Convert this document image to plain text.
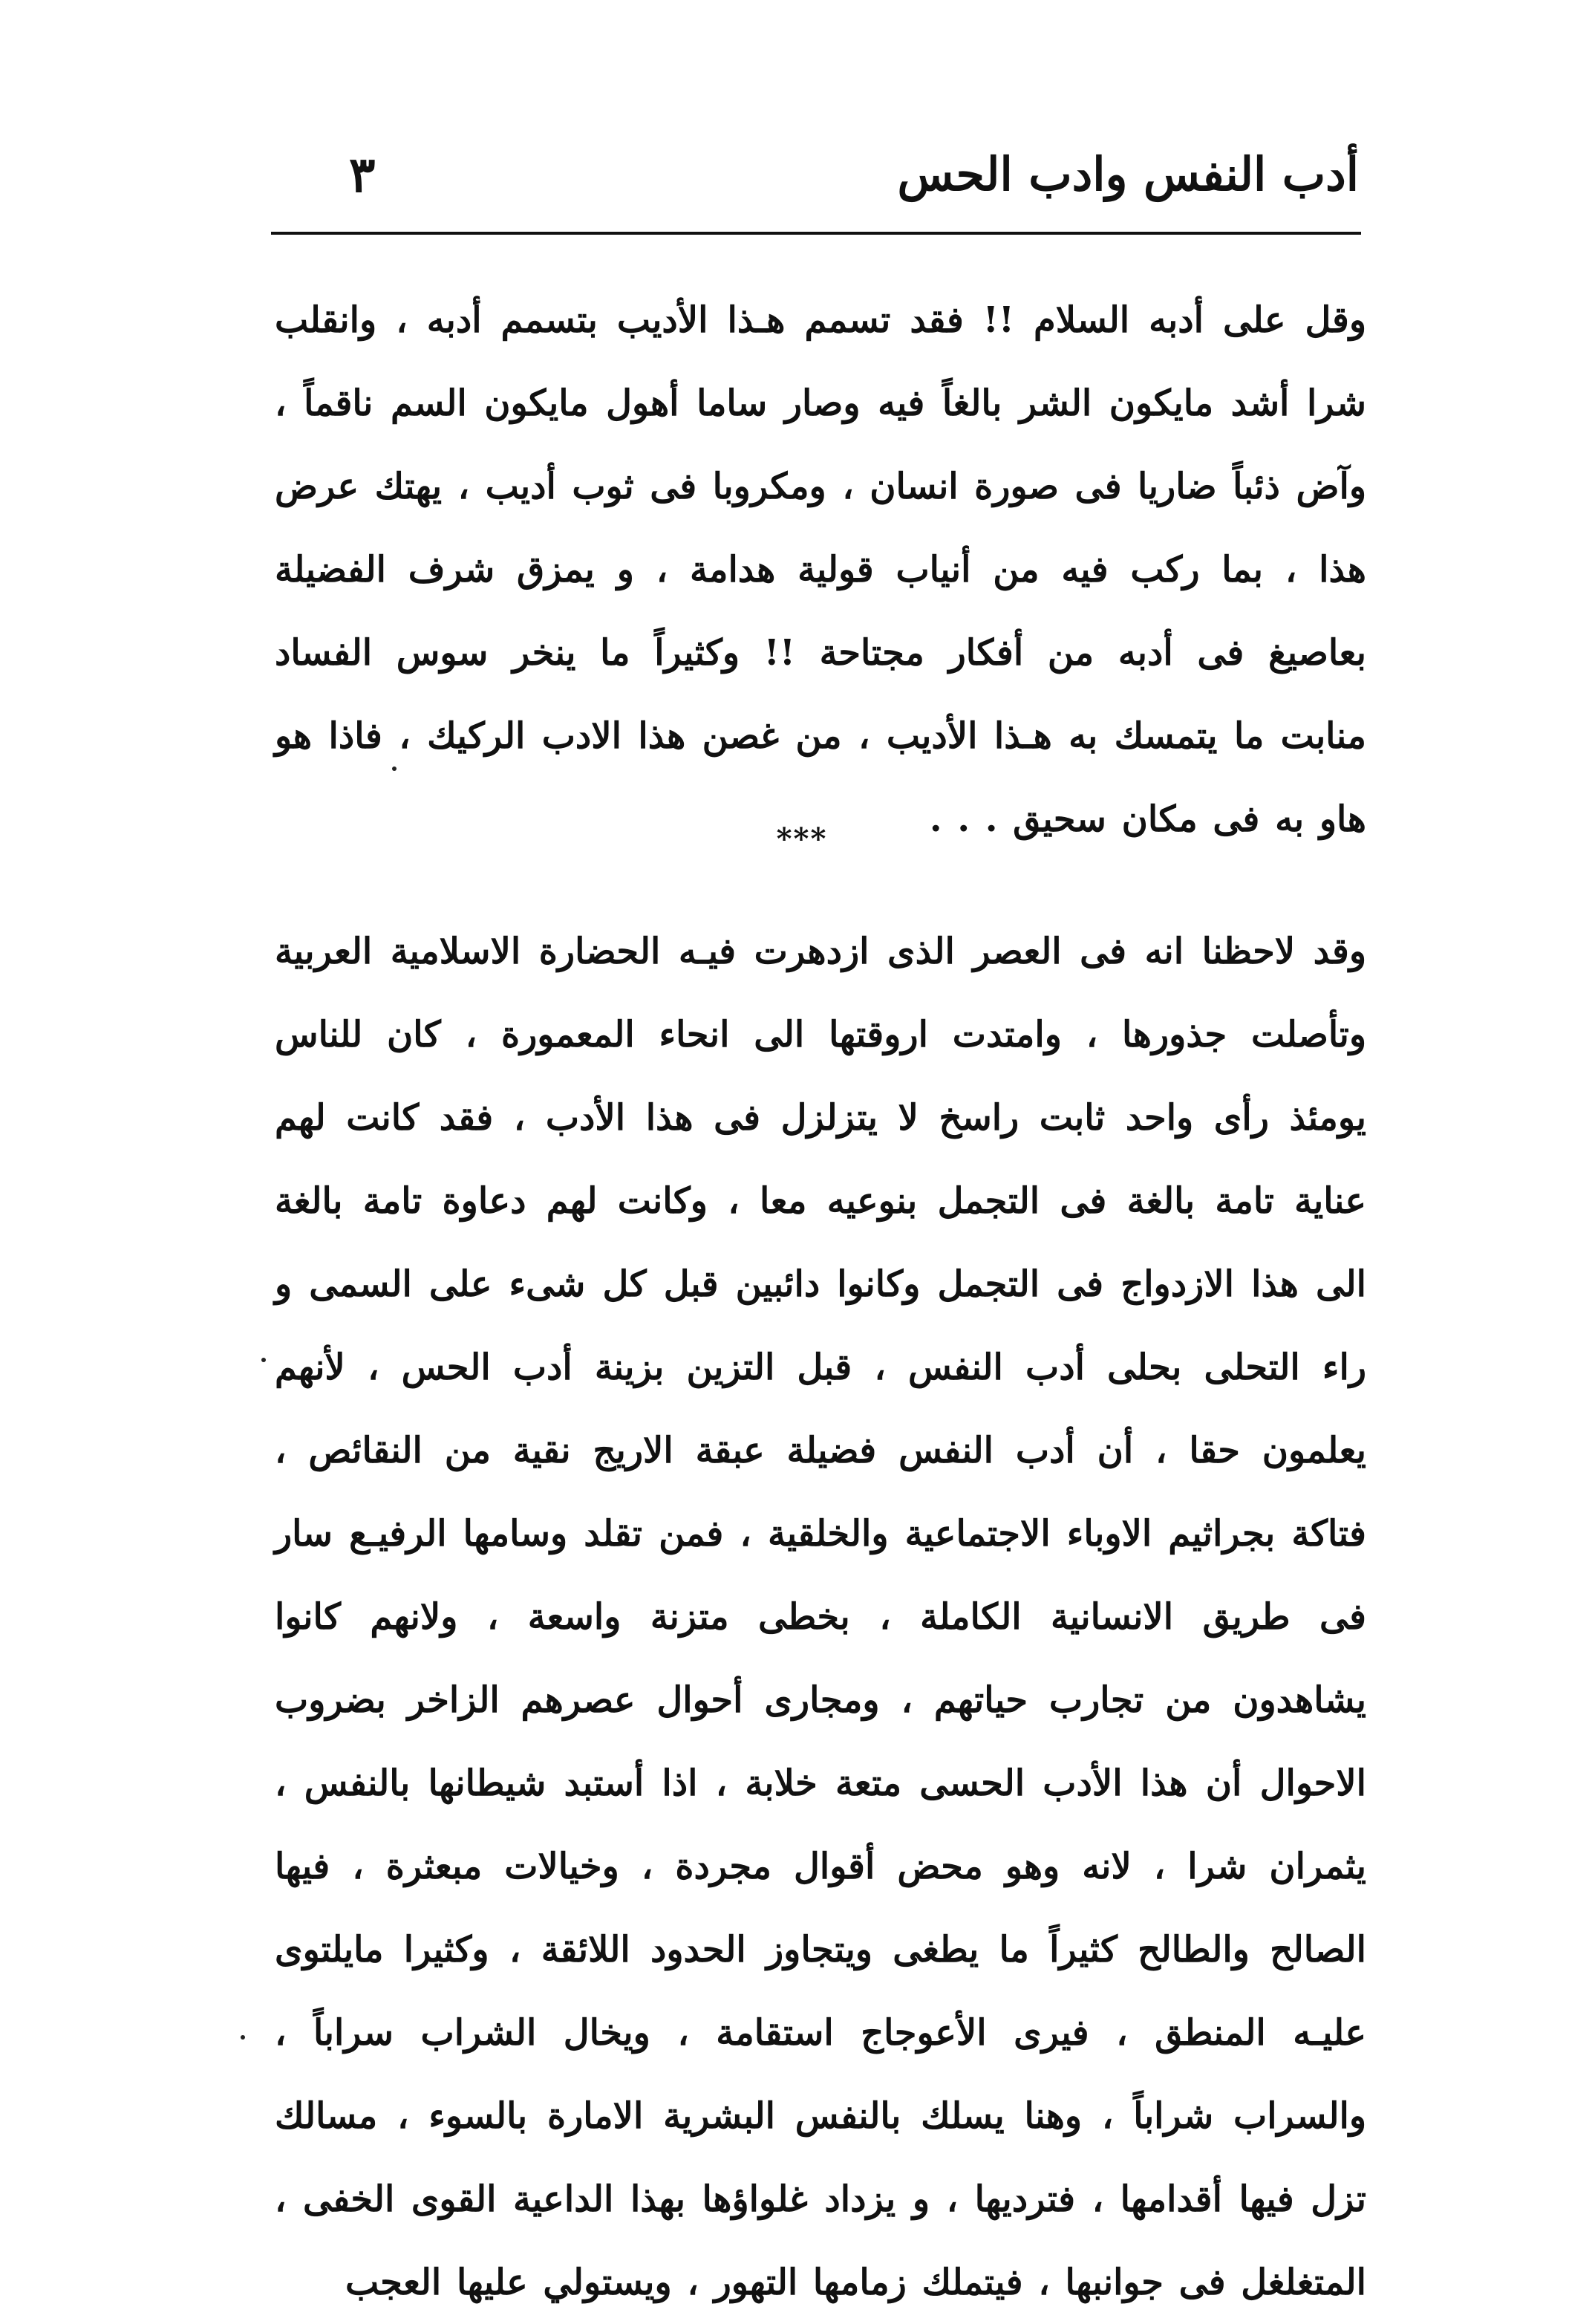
أدب النفس وادب الحس
٣
وقل على أدبه السلام !! فقد تسمم هـذا الأديب بتسمم أدبه ، وانقلب شرا أشد مايكون الشر بالغاً فيه وصار ساما أهول مايكون السم ناقماً ، وآض ذئباً ضاريا فى صورة انسان ، ومكروبا فى ثوب أديب ، يهتك عرض هذا ، بما ركب فيه من أنياب قولية هدامة ، و يمزق شرف الفضيلة بعاصيغ فى أدبه من أفكار مجتاحة !! وكثيراً ما ينخر سوس الفساد منابت ما يتمسك به هـذا الأديب ، من غصن هذا الادب الركيك ، فاذا هو هاو به فى مكان سحيق . . .
***
وقد لاحظنا انه فى العصر الذى ازدهرت فيـه الحضارة الاسلامية العربية وتأصلت جذورها ، وامتدت اروقتها الى انحاء المعمورة ، كان للناس يومئذ رأى واحد ثابت راسخ لا يتزلزل فى هذا الأدب ، فقد كانت لهم عناية تامة بالغة فى التجمل بنوعيه معا ، وكانت لهم دعاوة تامة بالغة الى هذا الازدواج فى التجمل وكانوا دائبين قبل كل شىء على السمى و راء التحلى بحلى أدب النفس ، قبل التزين بزينة أدب الحس ، لأنهم يعلمون حقا ، أن أدب النفس فضيلة عبقة الاريج نقية من النقائص ، فتاكة بجراثيم الاوباء الاجتماعية والخلقية ، فمن تقلد وسامها الرفيـع سار فى طريق الانسانية الكاملة ، بخطى متزنة واسعة ، ولانهم كانوا يشاهدون من تجارب حياتهم ، ومجارى أحوال عصرهم الزاخر بضروب الاحوال أن هذا الأدب الحسى متعة خلابة ، اذا أستبد شيطانها بالنفس ، يثمران شرا ، لانه وهو محض أقوال مجردة ، وخيالات مبعثرة ، فيها الصالح والطالح كثيراً ما يطغى ويتجاوز الحدود اللائقة ، وكثيرا مايلتوى عليـه المنطق ، فيرى الأعوجاج استقامة ، ويخال الشراب سراباً ، والسراب شراباً ، وهنا يسلك بالنفس البشرية الامارة بالسوء ، مسالك تزل فيها أقدامها ، فترديها ، و يزداد غلواؤها بهذا الداعية القوى الخفى ، المتغلغل فى جوانبها ، فيتملك زمامها التهور ، ويستولي عليها العجب
